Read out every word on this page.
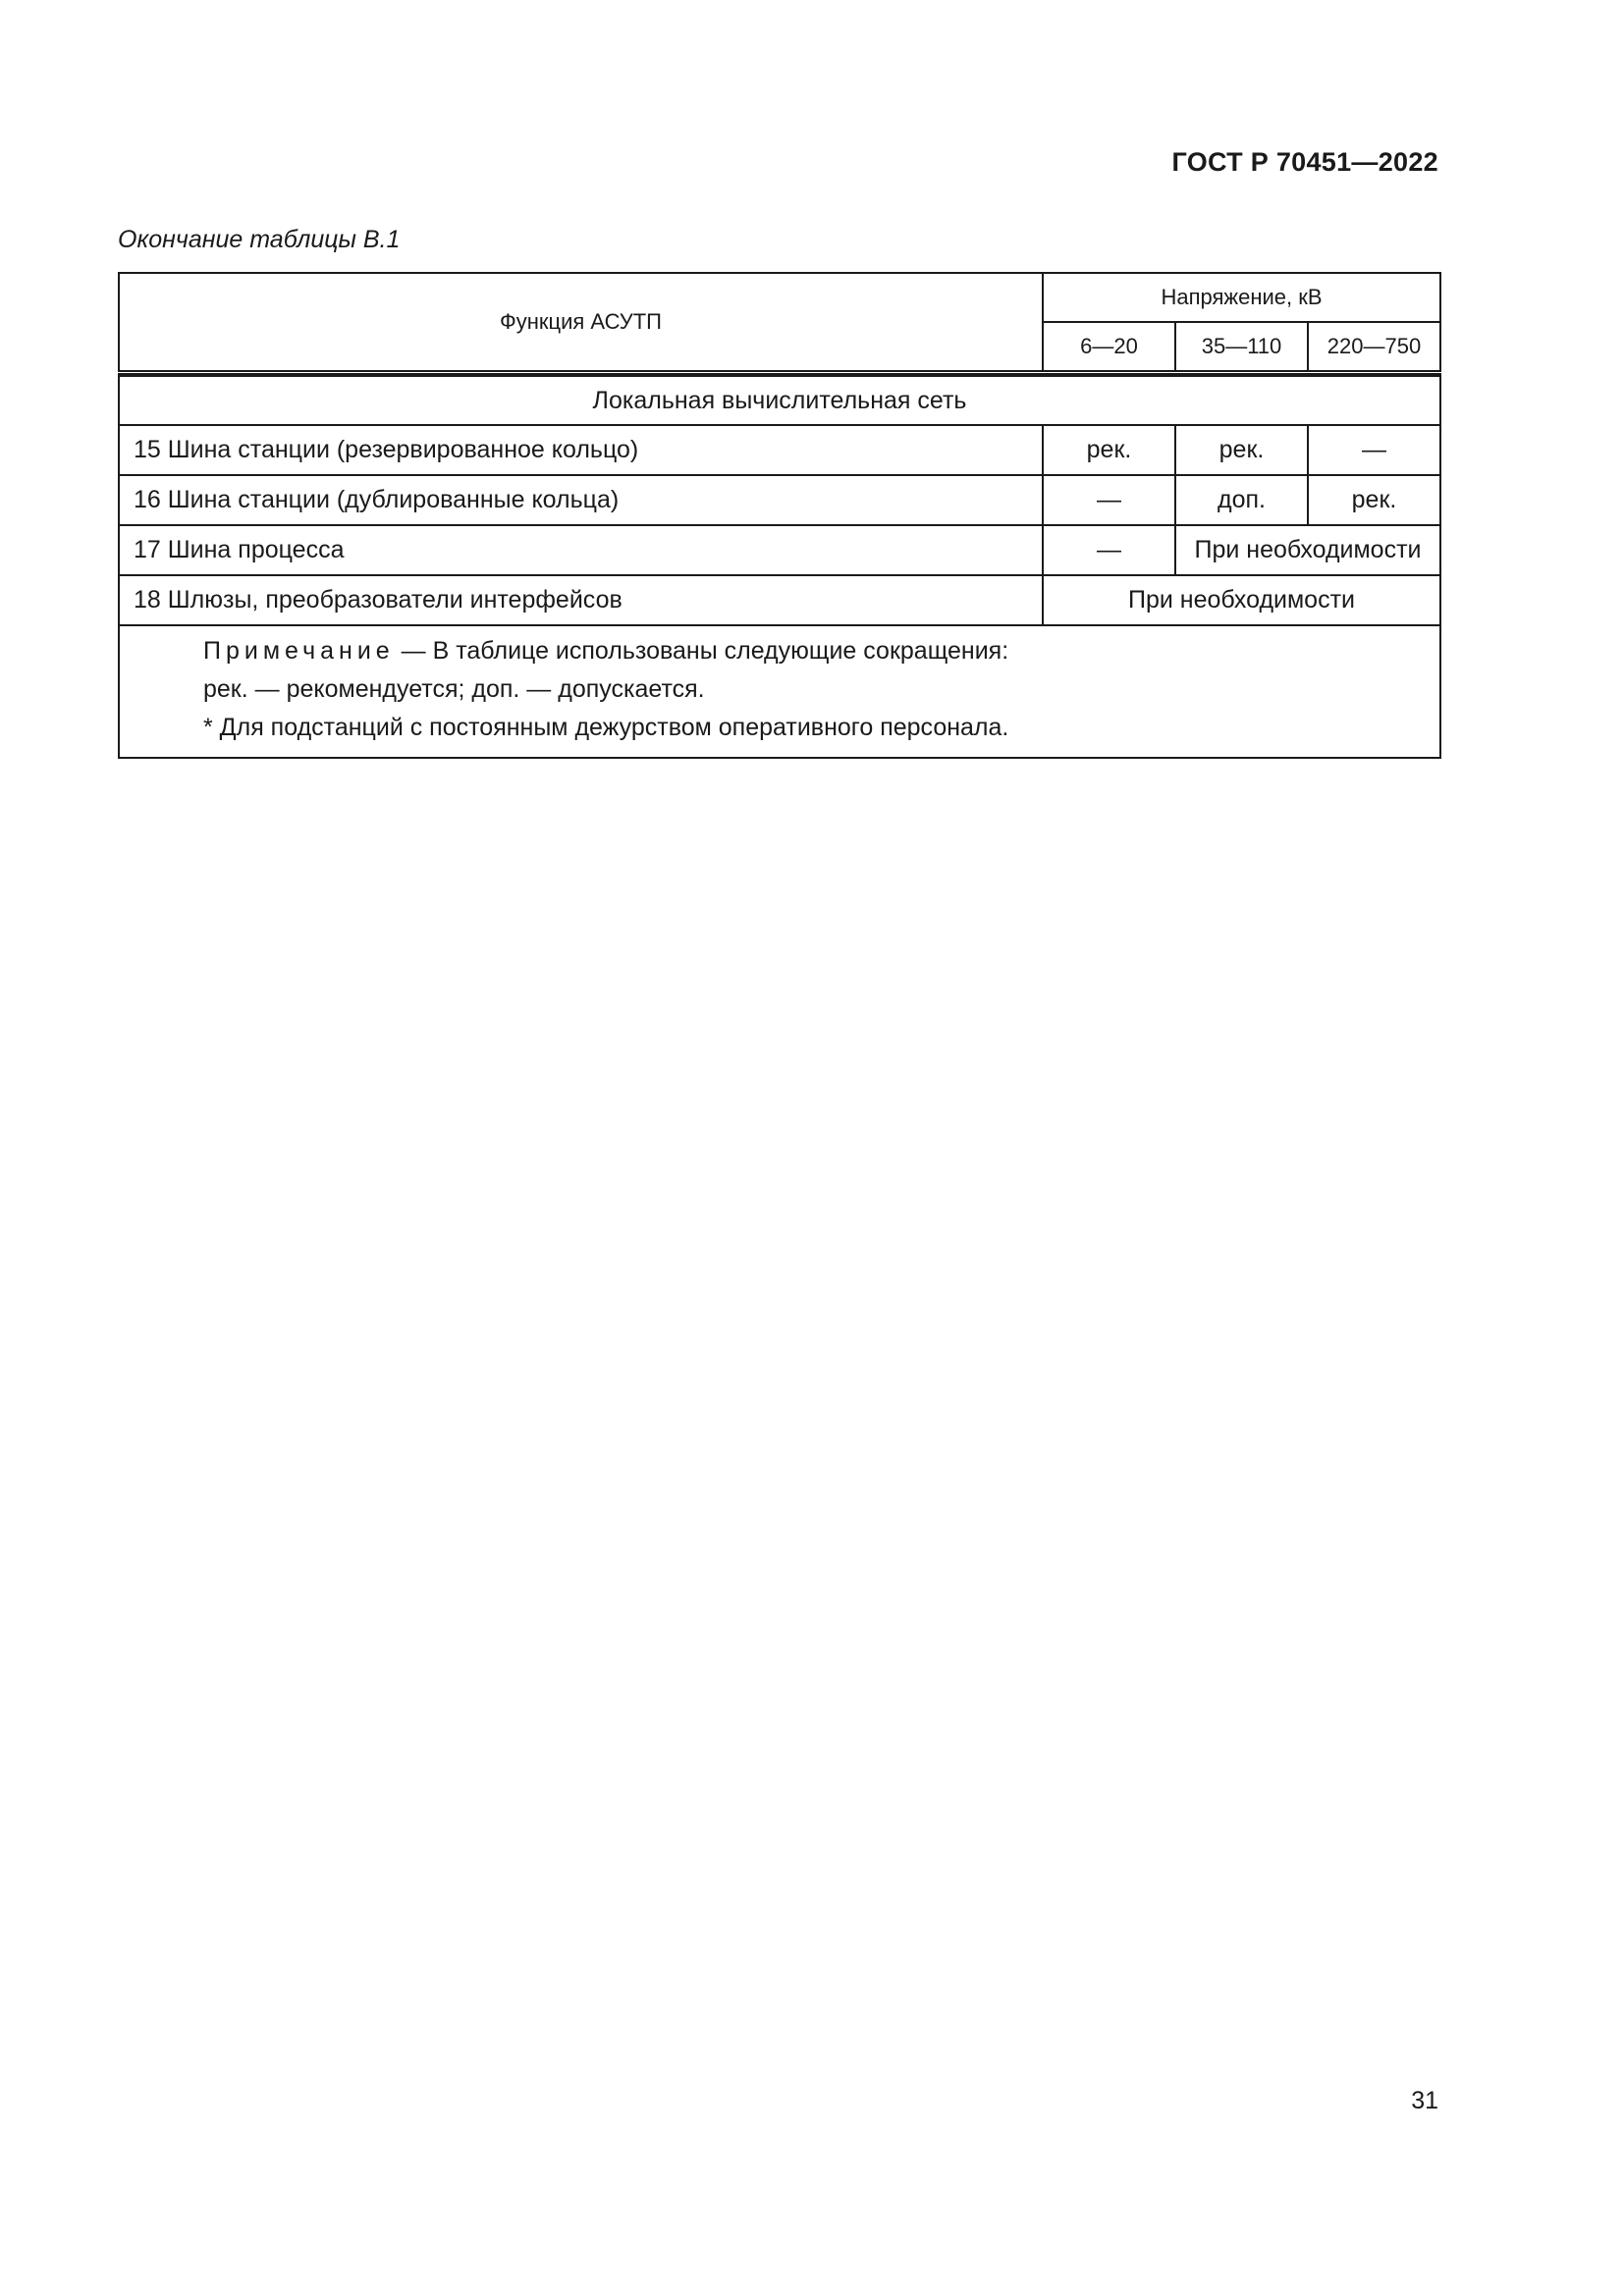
ГОСТ Р 70451—2022
Окончание таблицы В.1
Функция АСУТП	Напряжение, кВ		
	6—20	35—110	220—750

Локальная вычислительная сеть			
15 Шина станции (резервированное кольцо)	рек.	рек.	—
16 Шина станции (дублированные кольца)	—	доп.	рек.
17 Шина процесса	—	При необходимости	
18 Шлюзы, преобразователи интерфейсов	При необходимости		

Примечание — В таблице использованы следующие сокращения:
рек. — рекомендуется; доп. — допускается.
* Для подстанций с постоянным дежурством оперативного персонала.			
31
